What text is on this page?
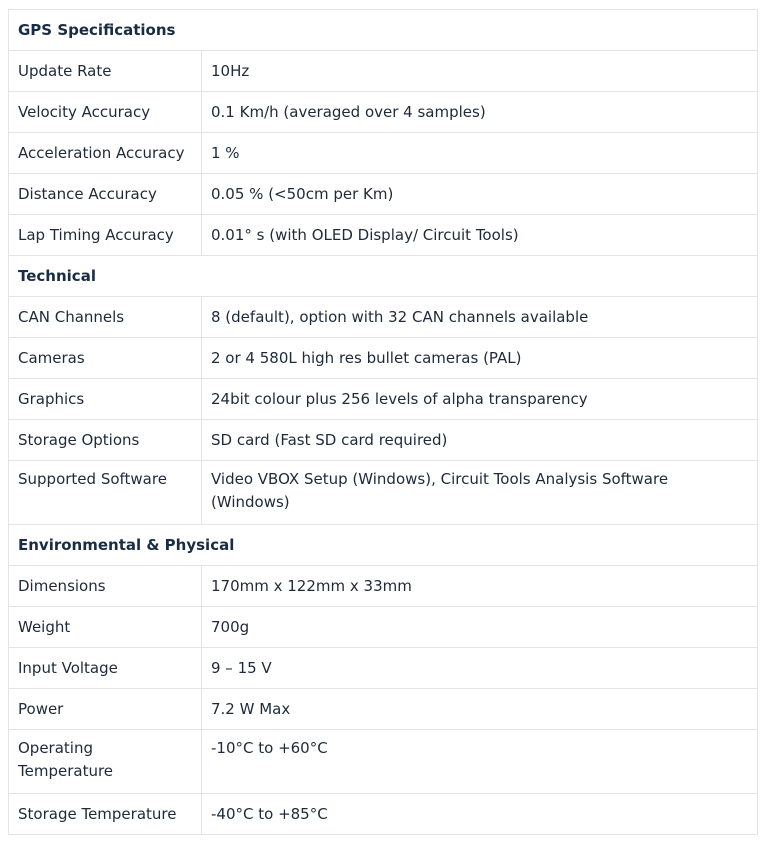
GPS Specifications	
Update Rate	10Hz
Velocity Accuracy	0.1 Km/h (averaged over 4 samples)
Acceleration Accuracy	1 %
Distance Accuracy	0.05 % (<50cm per Km)
Lap Timing Accuracy	0.01° s (with OLED Display/ Circuit Tools)
Technical	
CAN Channels	8 (default), option with 32 CAN channels available
Cameras	2 or 4 580L high res bullet cameras (PAL)
Graphics	24bit colour plus 256 levels of alpha transparency
Storage Options	SD card (Fast SD card required)
Supported Software	Video VBOX Setup (Windows), Circuit Tools Analysis Software (Windows)
Environmental & Physical	
Dimensions	170mm x 122mm x 33mm
Weight	700g
Input Voltage	9 – 15 V
Power	7.2 W Max
Operating Temperature	-10°C to +60°C
Storage Temperature	-40°C to +85°C
